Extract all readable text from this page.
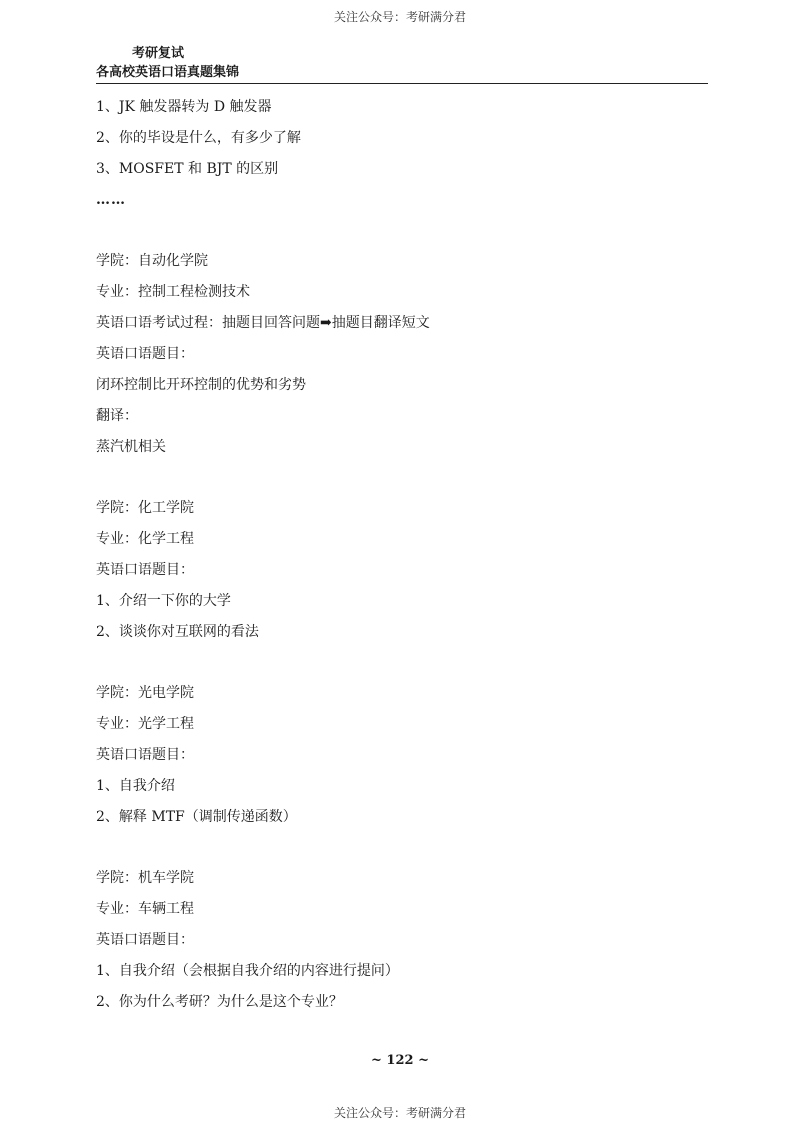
关注公众号：考研满分君
考研复试
各高校英语口语真题集锦
1、JK 触发器转为 D 触发器
2、你的毕设是什么，有多少了解
3、MOSFET 和 BJT 的区别
……
学院：自动化学院
专业：控制工程检测技术
英语口语考试过程：抽题目回答问题➡抽题目翻译短文
英语口语题目：
闭环控制比开环控制的优势和劣势
翻译：
蒸汽机相关
学院：化工学院
专业：化学工程
英语口语题目：
1、介绍一下你的大学
2、谈谈你对互联网的看法
学院：光电学院
专业：光学工程
英语口语题目：
1、自我介绍
2、解释 MTF（调制传递函数）
学院：机车学院
专业：车辆工程
英语口语题目：
1、自我介绍（会根据自我介绍的内容进行提问）
2、你为什么考研？为什么是这个专业？
~ 122 ~
关注公众号：考研满分君
